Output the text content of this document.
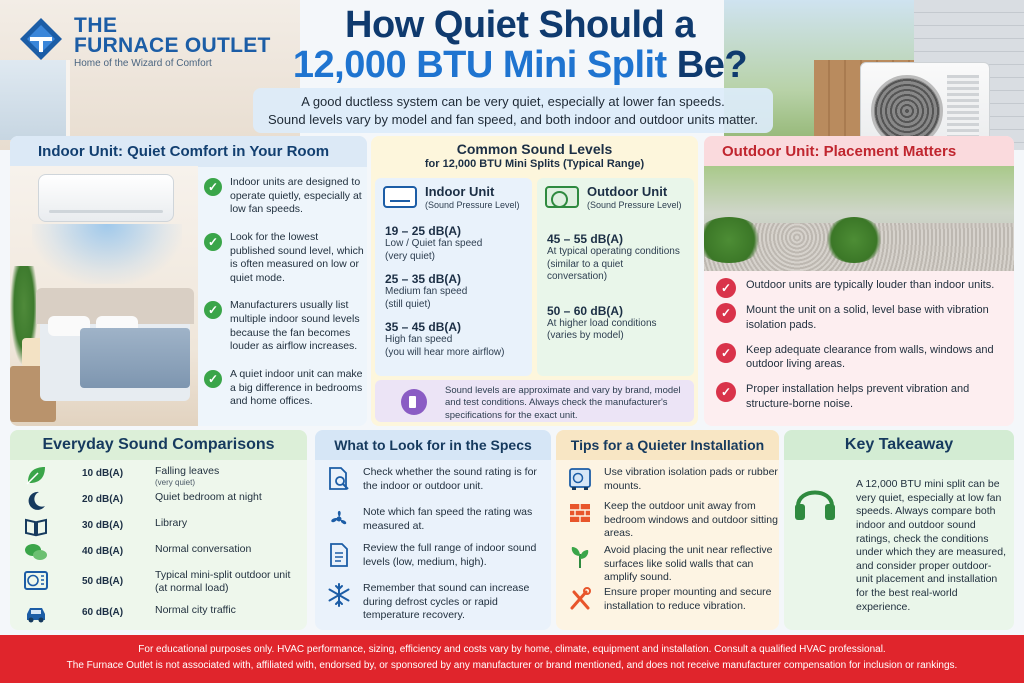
THE
FURNACE OUTLET
Home of the Wizard of Comfort
How Quiet Should a
12,000 BTU Mini Split Be?
A good ductless system can be very quiet, especially at lower fan speeds.
Sound levels vary by model and fan speed, and both indoor and outdoor units matter.
Indoor Unit: Quiet Comfort in Your Room
✓	Indoor units are designed to operate quietly, especially at low fan speeds.
✓	Look for the lowest published sound level, which is often measured on low or quiet mode.
✓	Manufacturers usually list multiple indoor sound levels because the fan becomes louder as airflow increases.
✓	A quiet indoor unit can make a big difference in bedrooms and home offices.
Common Sound Levels
for 12,000 BTU Mini Splits (Typical Range)
Indoor Unit
(Sound Pressure Level)
19 – 25 dB(A)
Low / Quiet fan speed
(very quiet)
25 – 35 dB(A)
Medium fan speed
(still quiet)
35 – 45 dB(A)
High fan speed
(you will hear more airflow)
Outdoor Unit
(Sound Pressure Level)
45 – 55 dB(A)
At typical operating conditions
(similar to a quiet conversation)
50 – 60 dB(A)
At higher load conditions
(varies by model)
Sound levels are approximate and vary by brand, model and test conditions. Always check the manufacturer's specifications for the exact unit.
Outdoor Unit: Placement Matters
✓	Outdoor units are typically louder than indoor units.
✓	Mount the unit on a solid, level base with vibration isolation pads.
✓	Keep adequate clearance from walls, windows and outdoor living areas.
✓	Proper installation helps prevent vibration and structure-borne noise.
Everyday Sound Comparisons
10 dB(A)	Falling leaves
(very quiet)
20 dB(A)	Quiet bedroom at night
30 dB(A)	Library
40 dB(A)	Normal conversation
50 dB(A)
Typical mini-split outdoor unit (at normal load)
60 dB(A)	Normal city traffic
What to Look for in the Specs
Check whether the sound rating is for the indoor or outdoor unit.
Note which fan speed the rating was measured at.
Review the full range of indoor sound levels (low, medium, high).
Remember that sound can increase during defrost cycles or rapid temperature recovery.
Tips for a Quieter Installation
Use vibration isolation pads or rubber mounts.
Keep the outdoor unit away from bedroom windows and outdoor sitting areas.
Avoid placing the unit near reflective surfaces like solid walls that can amplify sound.
Ensure proper mounting and secure installation to reduce vibration.
Key Takeaway
A 12,000 BTU mini split can be very quiet, especially at low fan speeds. Always compare both indoor and outdoor sound ratings, check the conditions under which they are measured, and consider proper outdoor-unit placement and installation for the best real-world experience.
For educational purposes only. HVAC performance, sizing, efficiency and costs vary by home, climate, equipment and installation. Consult a qualified HVAC professional.
The Furnace Outlet is not associated with, affiliated with, endorsed by, or sponsored by any manufacturer or brand mentioned, and does not receive manufacturer compensation for inclusion or rankings.
